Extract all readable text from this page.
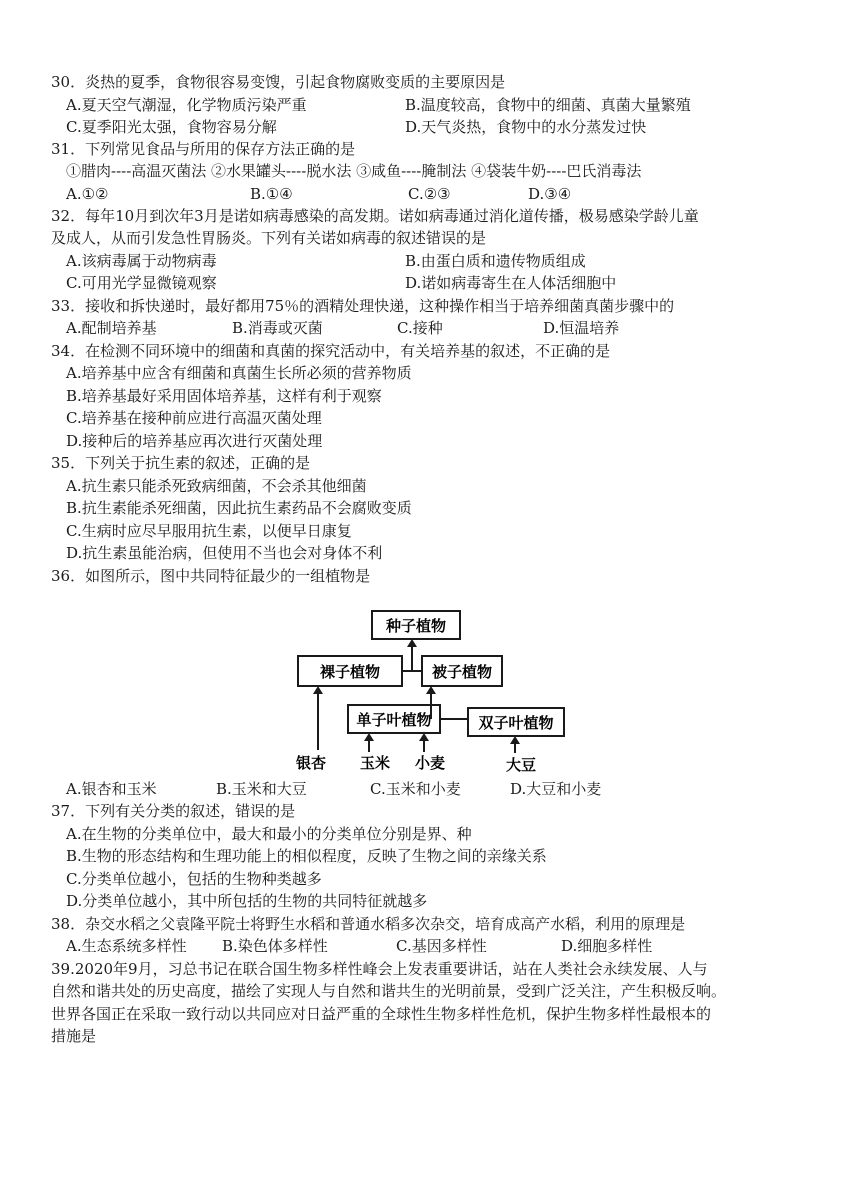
30．炎热的夏季，食物很容易变馊，引起食物腐败变质的主要原因是
A.夏天空气潮湿，化学物质污染严重	B.温度较高，食物中的细菌、真菌大量繁殖
C.夏季阳光太强，食物容易分解	D.天气炎热，食物中的水分蒸发过快
31．下列常见食品与所用的保存方法正确的是
①腊肉----高温灭菌法 ②水果罐头----脱水法 ③咸鱼----腌制法 ④袋装牛奶----巴氏消毒法
A.①②	B.①④	C.②③	D.③④
32．每年10月到次年3月是诺如病毒感染的高发期。诺如病毒通过消化道传播，极易感染学龄儿童
及成人，从而引发急性胃肠炎。下列有关诺如病毒的叙述错误的是
A.该病毒属于动物病毒	B.由蛋白质和遗传物质组成
C.可用光学显微镜观察	D.诺如病毒寄生在人体活细胞中
33．接收和拆快递时，最好都用75％的酒精处理快递，这种操作相当于培养细菌真菌步骤中的
A.配制培养基	B.消毒或灭菌	C.接种	D.恒温培养
34．在检测不同环境中的细菌和真菌的探究活动中，有关培养基的叙述，不正确的是
A.培养基中应含有细菌和真菌生长所必须的营养物质
B.培养基最好采用固体培养基，这样有利于观察
C.培养基在接种前应进行高温灭菌处理
D.接种后的培养基应再次进行灭菌处理
35．下列关于抗生素的叙述，正确的是
A.抗生素只能杀死致病细菌，不会杀其他细菌
B.抗生素能杀死细菌，因此抗生素药品不会腐败变质
C.生病时应尽早服用抗生素，以便早日康复
D.抗生素虽能治病，但使用不当也会对身体不利
36．如图所示，图中共同特征最少的一组植物是
种子植物
裸子植物	被子植物
单子叶植物	双子叶植物
银杏 玉米 小麦	大豆
A.银杏和玉米	B.玉米和大豆	C.玉米和小麦	D.大豆和小麦
37．下列有关分类的叙述，错误的是
A.在生物的分类单位中，最大和最小的分类单位分别是界、种
B.生物的形态结构和生理功能上的相似程度，反映了生物之间的亲缘关系
C.分类单位越小，包括的生物种类越多
D.分类单位越小，其中所包括的生物的共同特征就越多
38．杂交水稻之父袁隆平院士将野生水稻和普通水稻多次杂交，培育成高产水稻，利用的原理是
A.生态系统多样性 B.染色体多样性	C.基因多样性	D.细胞多样性
39.2020年9月，习总书记在联合国生物多样性峰会上发表重要讲话，站在人类社会永续发展、人与
自然和谐共处的历史高度，描绘了实现人与自然和谐共生的光明前景，受到广泛关注，产生积极反响。
世界各国正在采取一致行动以共同应对日益严重的全球性生物多样性危机，保护生物多样性最根本的
措施是
